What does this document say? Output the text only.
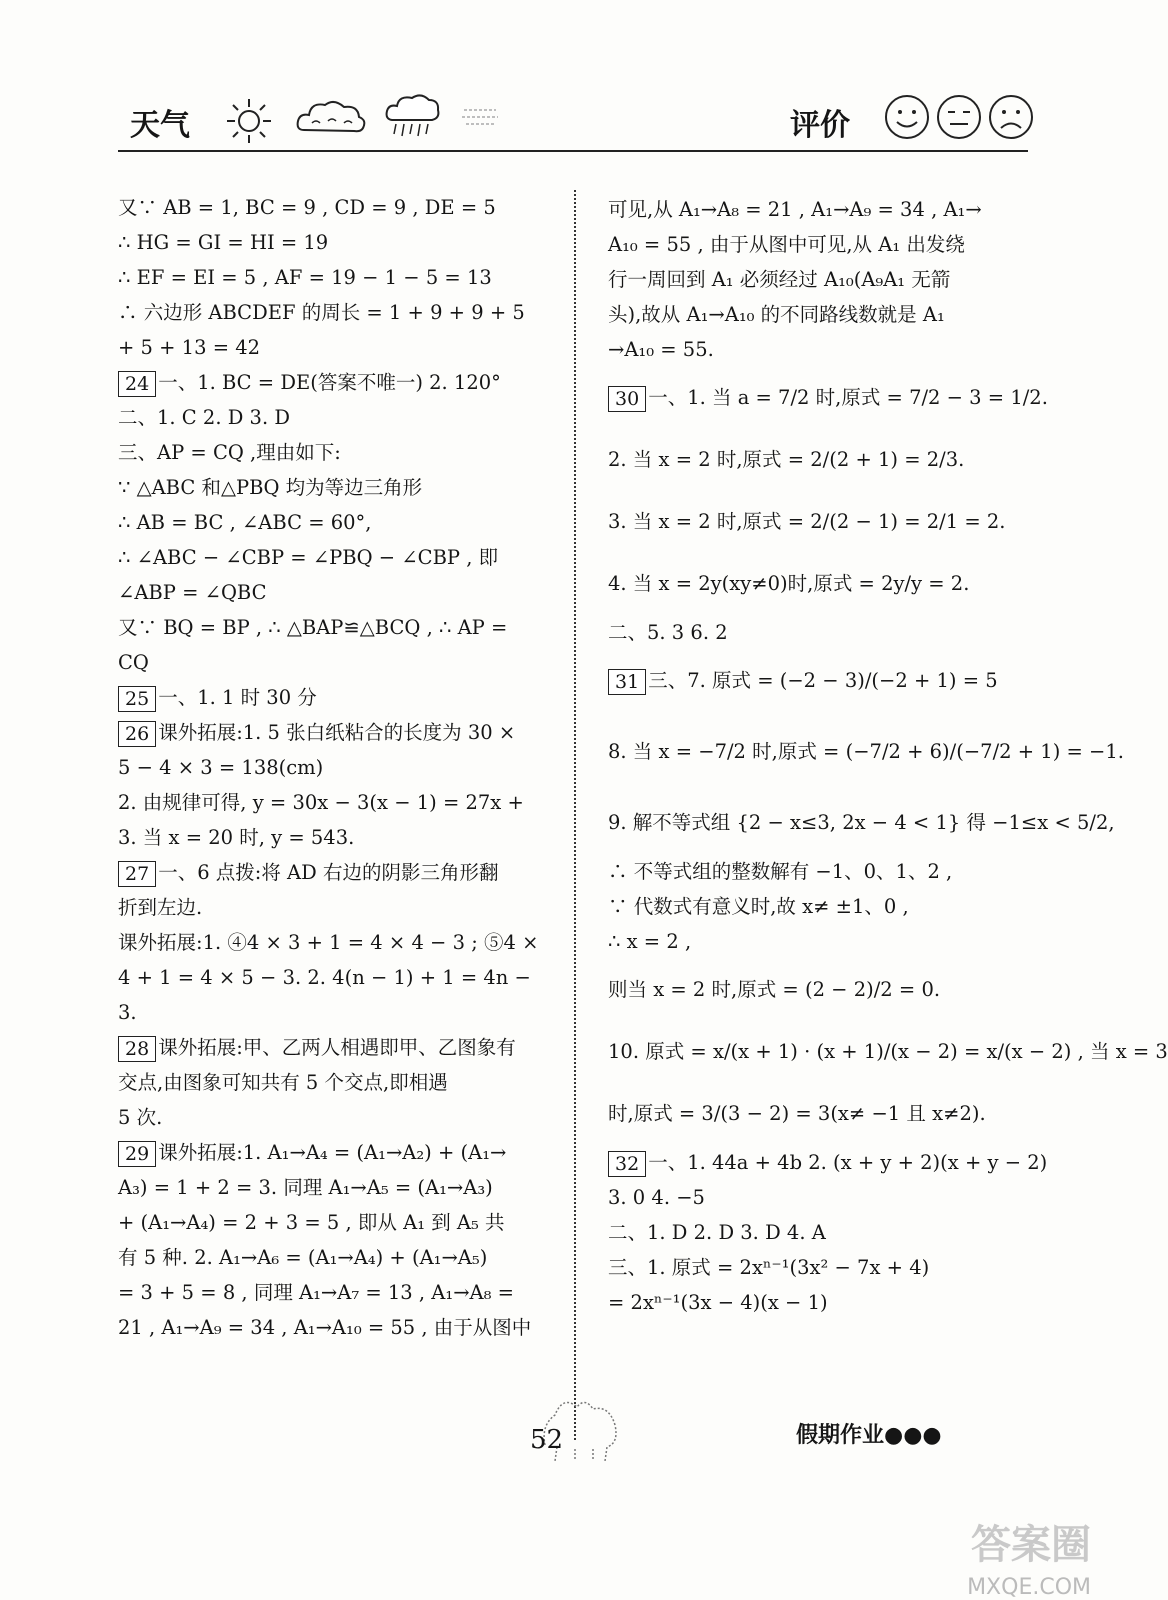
天气	评价
又∵ AB = 1, BC = 9 , CD = 9 , DE = 5
∴ HG = GI = HI = 19
∴ EF = EI = 5 , AF = 19 − 1 − 5 = 13
∴ 六边形 ABCDEF 的周长 = 1 + 9 + 9 + 5
+ 5 + 13 = 42
24 一、1. BC = DE(答案不唯一) 2. 120°
二、1. C 2. D 3. D
三、AP = CQ ,理由如下:
∵ △ABC 和△PBQ 均为等边三角形
∴ AB = BC , ∠ABC = 60°,
∴ ∠ABC − ∠CBP = ∠PBQ − ∠CBP , 即
∠ABP = ∠QBC
又∵ BQ = BP , ∴ △BAP≌△BCQ , ∴ AP =
CQ
25 一、1. 1 时 30 分
26 课外拓展:1. 5 张白纸粘合的长度为 30 ×
5 − 4 × 3 = 138(cm)
2. 由规律可得, y = 30x − 3(x − 1) = 27x +
3. 当 x = 20 时, y = 543.
27 一、6 点拨:将 AD 右边的阴影三角形翻
折到左边.
课外拓展:1. ④4 × 3 + 1 = 4 × 4 − 3 ; ⑤4 ×
4 + 1 = 4 × 5 − 3. 2. 4(n − 1) + 1 = 4n −
3.
28 课外拓展:甲、乙两人相遇即甲、乙图象有
交点,由图象可知共有 5 个交点,即相遇
5 次.
29 课外拓展:1. A₁→A₄ = (A₁→A₂) + (A₁→
A₃) = 1 + 2 = 3. 同理 A₁→A₅ = (A₁→A₃)
+ (A₁→A₄) = 2 + 3 = 5 , 即从 A₁ 到 A₅ 共
有 5 种. 2. A₁→A₆ = (A₁→A₄) + (A₁→A₅)
= 3 + 5 = 8 , 同理 A₁→A₇ = 13 , A₁→A₈ =
21 , A₁→A₉ = 34 , A₁→A₁₀ = 55 , 由于从图中
可见,从 A₁→A₈ = 21 , A₁→A₉ = 34 , A₁→
A₁₀ = 55 , 由于从图中可见,从 A₁ 出发绕
行一周回到 A₁ 必须经过 A₁₀(A₉A₁ 无箭
头),故从 A₁→A₁₀ 的不同路线数就是 A₁
→A₁₀ = 55.
30 一、1. 当 a = 7/2 时,原式 = 7/2 − 3 = 1/2.
2. 当 x = 2 时,原式 = 2/(2 + 1) = 2/3.
3. 当 x = 2 时,原式 = 2/(2 − 1) = 2/1 = 2.
4. 当 x = 2y(xy≠0)时,原式 = 2y/y = 2.
二、5. 3 6. 2
31 三、7. 原式 = (−2 − 3)/(−2 + 1) = 5
8. 当 x = −7/2 时,原式 = (−7/2 + 6)/(−7/2 + 1) = −1.
9. 解不等式组 {2 − x≤3, 2x − 4 < 1} 得 −1≤x < 5/2,
∴ 不等式组的整数解有 −1、0、1、2 ,
∵ 代数式有意义时,故 x≠ ±1、0 ,
∴ x = 2 ,
则当 x = 2 时,原式 = (2 − 2)/2 = 0.
10. 原式 = x/(x + 1) · (x + 1)/(x − 2) = x/(x − 2) , 当 x = 3
时,原式 = 3/(3 − 2) = 3(x≠ −1 且 x≠2).
32 一、1. 44a + 4b 2. (x + y + 2)(x + y − 2)
3. 0 4. −5
二、1. D 2. D 3. D 4. A
三、1. 原式 = 2xⁿ⁻¹(3x² − 7x + 4)
= 2xⁿ⁻¹(3x − 4)(x − 1)
52	假期作业●●●
答案圈
MXQE.COM
